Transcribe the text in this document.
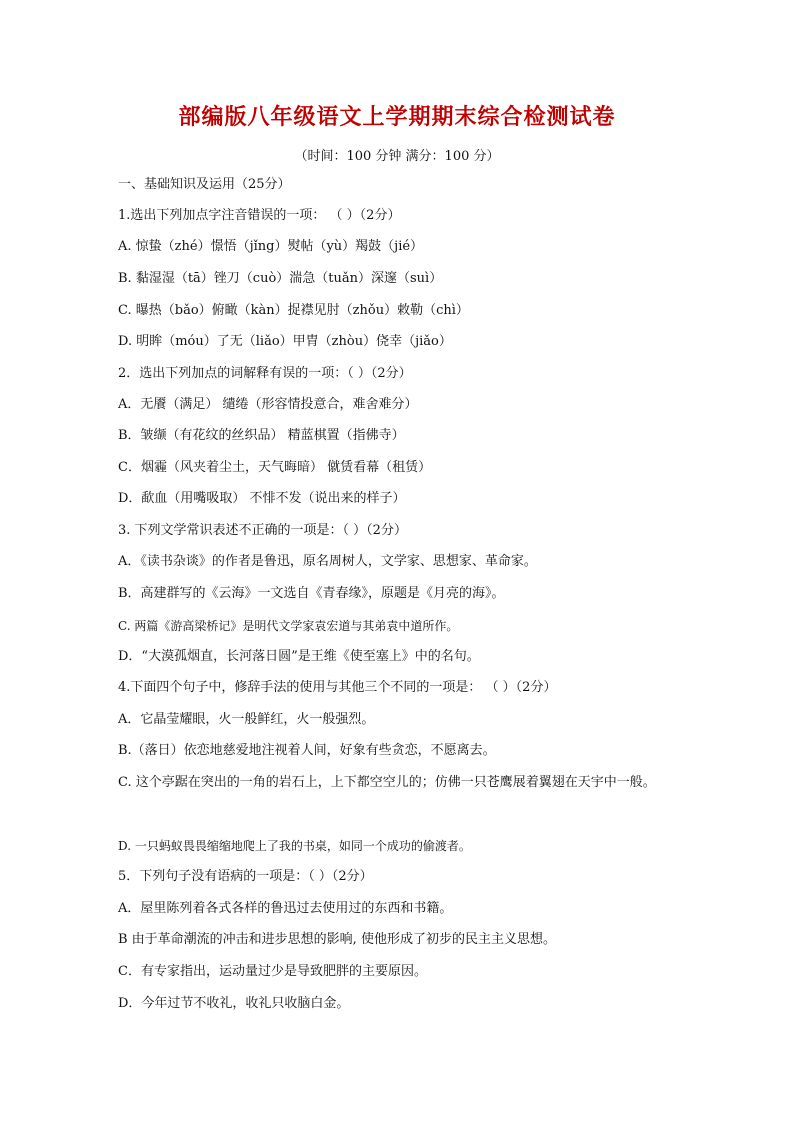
部编版八年级语文上学期期末综合检测试卷
（时间：100 分钟 满分：100 分）
一、基础知识及运用（25分）
1.选出下列加点字注音错误的一项： （ ）（2分）
A. 惊蛰（zhé）憬悟（jǐng）熨帖（yù）羯鼓（jié）
B. 黏湿湿（tā）锉刀（cuò）湍急（tuǎn）深邃（suì）
C. 曝热（bǎo）俯瞰（kàn）捉襟见肘（zhǒu）敕勒（chì）
D. 明眸（móu）了无（liǎo）甲胄（zhòu）侥幸（jiǎo）
2．选出下列加点的词解释有误的一项：（ ）（2分）
A．无餍（满足） 缱绻（形容情投意合，难舍难分）
B．皱缬（有花纹的丝织品） 精蓝棋置（指佛寺）
C．烟霾（风夹着尘土，天气晦暗） 僦赁看幕（租赁）
D．歃血（用嘴吸取） 不悱不发（说出来的样子）
3. 下列文学常识表述不正确的一项是：（ ）（2分）
A．《读书杂谈》的作者是鲁迅，原名周树人，文学家、思想家、革命家。
B．高建群写的《云海》一文选自《青春缘》，原题是《月亮的海》。
C. 两篇《游高梁桥记》是明代文学家袁宏道与其弟袁中道所作。
D．“大漠孤烟直，长河落日圆”是王维《使至塞上》中的名句。
4.下面四个句子中，修辞手法的使用与其他三个不同的一项是： （ ）（2分）
A．它晶莹耀眼，火一般鲜红，火一般强烈。
B.（落日）依恋地慈爱地注视着人间，好象有些贪恋，不愿离去。
C. 这个亭踞在突出的一角的岩石上，上下都空空儿的；仿佛一只苍鹰展着翼翅在天宇中一般。
D. 一只蚂蚁畏畏缩缩地爬上了我的书桌，如同一个成功的偷渡者。
5．下列句子没有语病的一项是：（ ）（2分）
A．屋里陈列着各式各样的鲁迅过去使用过的东西和书籍。
B 由于革命潮流的冲击和进步思想的影响, 使他形成了初步的民主主义思想。
C．有专家指出，运动量过少是导致肥胖的主要原因。
D．今年过节不收礼，收礼只收脑白金。
